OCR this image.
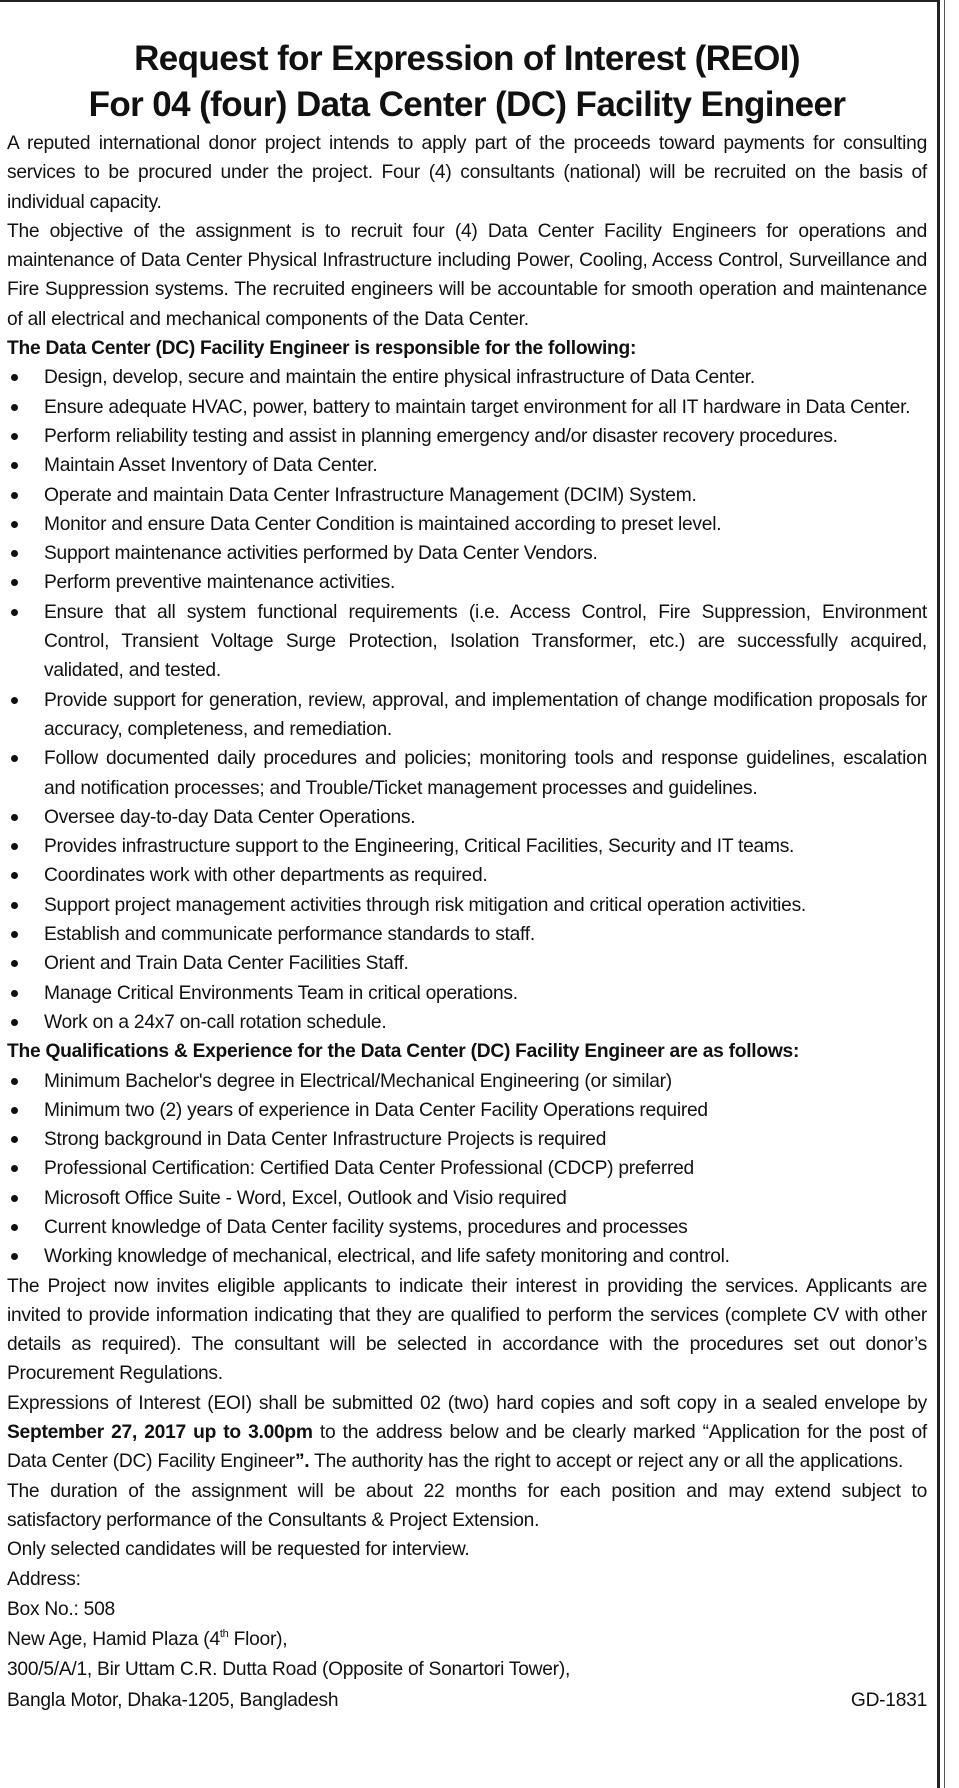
Request for Expression of Interest (REOI)
For 04 (four) Data Center (DC) Facility Engineer

A reputed international donor project intends to apply part of the proceeds toward payments for consulting services to be procured under the project. Four (4) consultants (national) will be recruited on the basis of individual capacity.

The objective of the assignment is to recruit four (4) Data Center Facility Engineers for operations and maintenance of Data Center Physical Infrastructure including Power, Cooling, Access Control, Surveillance and Fire Suppression systems. The recruited engineers will be accountable for smooth operation and maintenance of all electrical and mechanical components of the Data Center.

The Data Center (DC) Facility Engineer is responsible for the following:

Design, develop, secure and maintain the entire physical infrastructure of Data Center.
Ensure adequate HVAC, power, battery to maintain target environment for all IT hardware in Data Center.
Perform reliability testing and assist in planning emergency and/or disaster recovery procedures.
Maintain Asset Inventory of Data Center.
Operate and maintain Data Center Infrastructure Management (DCIM) System.
Monitor and ensure Data Center Condition is maintained according to preset level.
Support maintenance activities performed by Data Center Vendors.
Perform preventive maintenance activities.
Ensure that all system functional requirements (i.e. Access Control, Fire Suppression, Environment Control, Transient Voltage Surge Protection, Isolation Transformer, etc.) are successfully acquired, validated, and tested.
Provide support for generation, review, approval, and implementation of change modification proposals for accuracy, completeness, and remediation.
Follow documented daily procedures and policies; monitoring tools and response guidelines, escalation and notification processes; and Trouble/Ticket management processes and guidelines.
Oversee day-to-day Data Center Operations.
Provides infrastructure support to the Engineering, Critical Facilities, Security and IT teams.
Coordinates work with other departments as required.
Support project management activities through risk mitigation and critical operation activities.
Establish and communicate performance standards to staff.
Orient and Train Data Center Facilities Staff.
Manage Critical Environments Team in critical operations.
Work on a 24x7 on-call rotation schedule.

The Qualifications & Experience for the Data Center (DC) Facility Engineer are as follows:

Minimum Bachelor's degree in Electrical/Mechanical Engineering (or similar)
Minimum two (2) years of experience in Data Center Facility Operations required
Strong background in Data Center Infrastructure Projects is required
Professional Certification: Certified Data Center Professional (CDCP) preferred
Microsoft Office Suite - Word, Excel, Outlook and Visio required
Current knowledge of Data Center facility systems, procedures and processes
Working knowledge of mechanical, electrical, and life safety monitoring and control.

The Project now invites eligible applicants to indicate their interest in providing the services. Applicants are invited to provide information indicating that they are qualified to perform the services (complete CV with other details as required). The consultant will be selected in accordance with the procedures set out donor’s Procurement Regulations.

Expressions of Interest (EOI) shall be submitted 02 (two) hard copies and soft copy in a sealed envelope by September 27, 2017 up to 3.00pm to the address below and be clearly marked “Application for the post of Data Center (DC) Facility Engineer”. The authority has the right to accept or reject any or all the applications.

The duration of the assignment will be about 22 months for each position and may extend subject to satisfactory performance of the Consultants & Project Extension.

Only selected candidates will be requested for interview.

Address:
Box No.: 508
New Age, Hamid Plaza (4th Floor),
300/5/A/1, Bir Uttam C.R. Dutta Road (Opposite of Sonartori Tower),
Bangla Motor, Dhaka-1205, Bangladesh	GD-1831
